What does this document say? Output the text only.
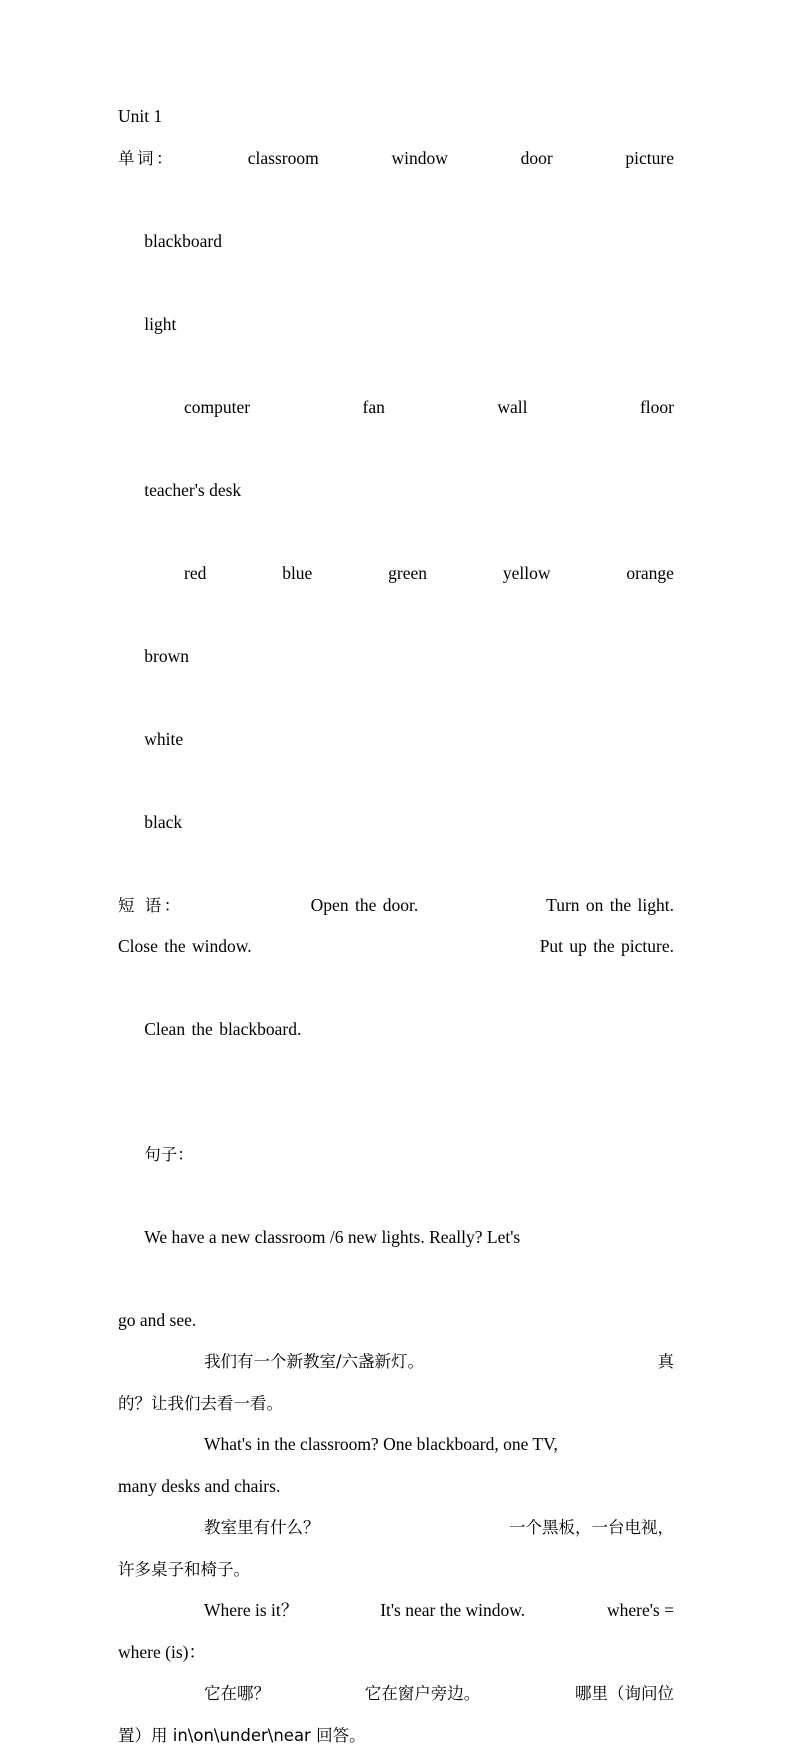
Unit 1
单词：	classroom	window	door	picture

blackboard

light

computer	fan	wall	floor

teacher's desk

red	blue	green	yellow	orange

brown

white

black

短 语：	Open the door.	Turn on the light.
Close the window.	Put up the picture.

Clean the blackboard.

句子：

We have a new classroom /6 new lights. Really? Let's

go and see.
我们有一个新教室/六盏新灯。	真
的？让我们去看一看。
What's in the classroom? One blackboard, one TV,
many desks and chairs.
教室里有什么？	一个黑板，一台电视，
许多桌子和椅子。
Where is it？	It's near the window.	where's =
where (is)：
它在哪？	它在窗户旁边。	哪里（询问位
置）用 in\on\under\near 回答。
